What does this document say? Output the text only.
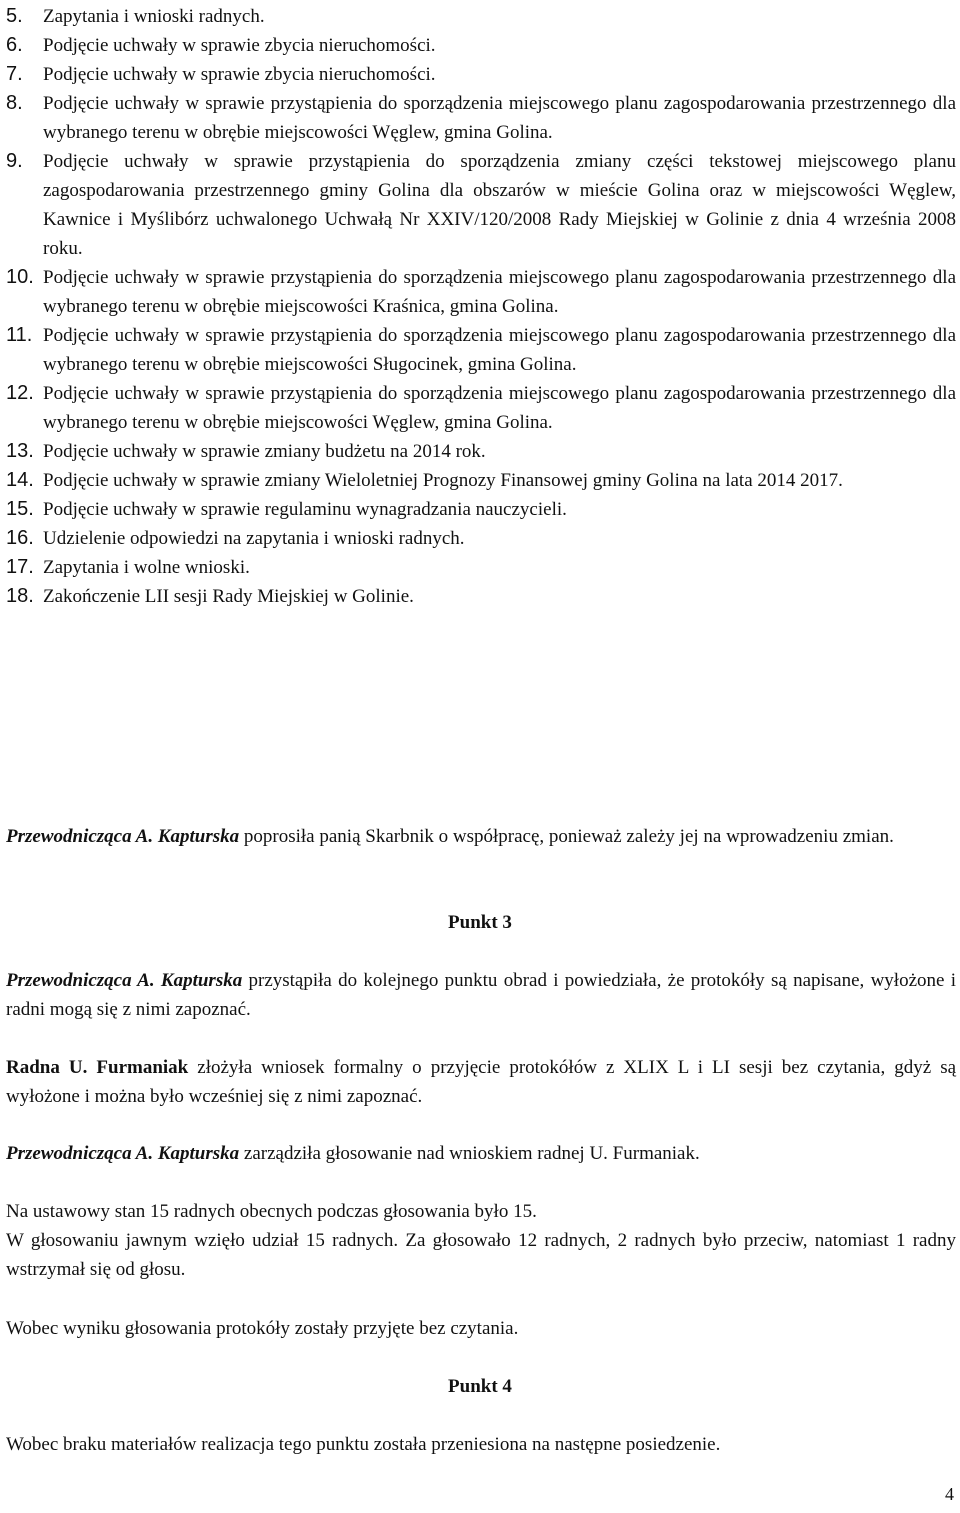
5.	Zapytania i wnioski radnych.
6.	Podjęcie uchwały w sprawie zbycia nieruchomości.
7.	Podjęcie uchwały w sprawie zbycia nieruchomości.
8.	Podjęcie uchwały w sprawie przystąpienia do sporządzenia miejscowego planu zagospodarowania przestrzennego dla wybranego terenu w obrębie miejscowości Węglew, gmina Golina.
9.	Podjęcie uchwały w sprawie przystąpienia do sporządzenia zmiany części tekstowej miejscowego planu zagospodarowania przestrzennego gminy Golina dla obszarów w mieście Golina oraz w miejscowości Węglew, Kawnice i Myślibórz uchwalonego Uchwałą Nr XXIV/120/2008 Rady Miejskiej w Golinie z dnia 4 września 2008 roku.
10. Podjęcie uchwały w sprawie przystąpienia do sporządzenia miejscowego planu zagospodarowania przestrzennego dla wybranego terenu w obrębie miejscowości Kraśnica, gmina Golina.
11. Podjęcie uchwały w sprawie przystąpienia do sporządzenia miejscowego planu zagospodarowania przestrzennego dla wybranego terenu w obrębie miejscowości Sługocinek, gmina Golina.
12. Podjęcie uchwały w sprawie przystąpienia do sporządzenia miejscowego planu zagospodarowania przestrzennego dla wybranego terenu w obrębie miejscowości Węglew, gmina Golina.
13. Podjęcie uchwały w sprawie zmiany budżetu na 2014 rok.
14. Podjęcie uchwały w sprawie zmiany Wieloletniej Prognozy Finansowej gminy Golina na lata 2014 2017.
15. Podjęcie uchwały w sprawie regulaminu wynagradzania nauczycieli.
16. Udzielenie odpowiedzi na zapytania i wnioski radnych.
17. Zapytania i wolne wnioski.
18. Zakończenie LII sesji Rady Miejskiej w Golinie.

Przewodnicząca A. Kapturska poprosiła panią Skarbnik o współpracę, ponieważ zależy jej na wprowadzeniu zmian.

Punkt 3

Przewodnicząca A. Kapturska przystąpiła do kolejnego punktu obrad i powiedziała, że protokóły są napisane, wyłożone i radni mogą się z nimi zapoznać.

Radna U. Furmaniak złożyła wniosek formalny o przyjęcie protokółów z XLIX L i LI sesji bez czytania, gdyż są wyłożone i można było wcześniej się z nimi zapoznać.

Przewodnicząca A. Kapturska zarządziła głosowanie nad wnioskiem radnej U. Furmaniak.

Na ustawowy stan 15 radnych obecnych podczas głosowania było 15.

W głosowaniu jawnym wzięło udział 15 radnych. Za głosowało 12 radnych, 2 radnych było przeciw, natomiast 1 radny wstrzymał się od głosu.

Wobec wyniku głosowania protokóły zostały przyjęte bez czytania.

Punkt 4

Wobec braku materiałów realizacja tego punktu została przeniesiona na następne posiedzenie.

4
